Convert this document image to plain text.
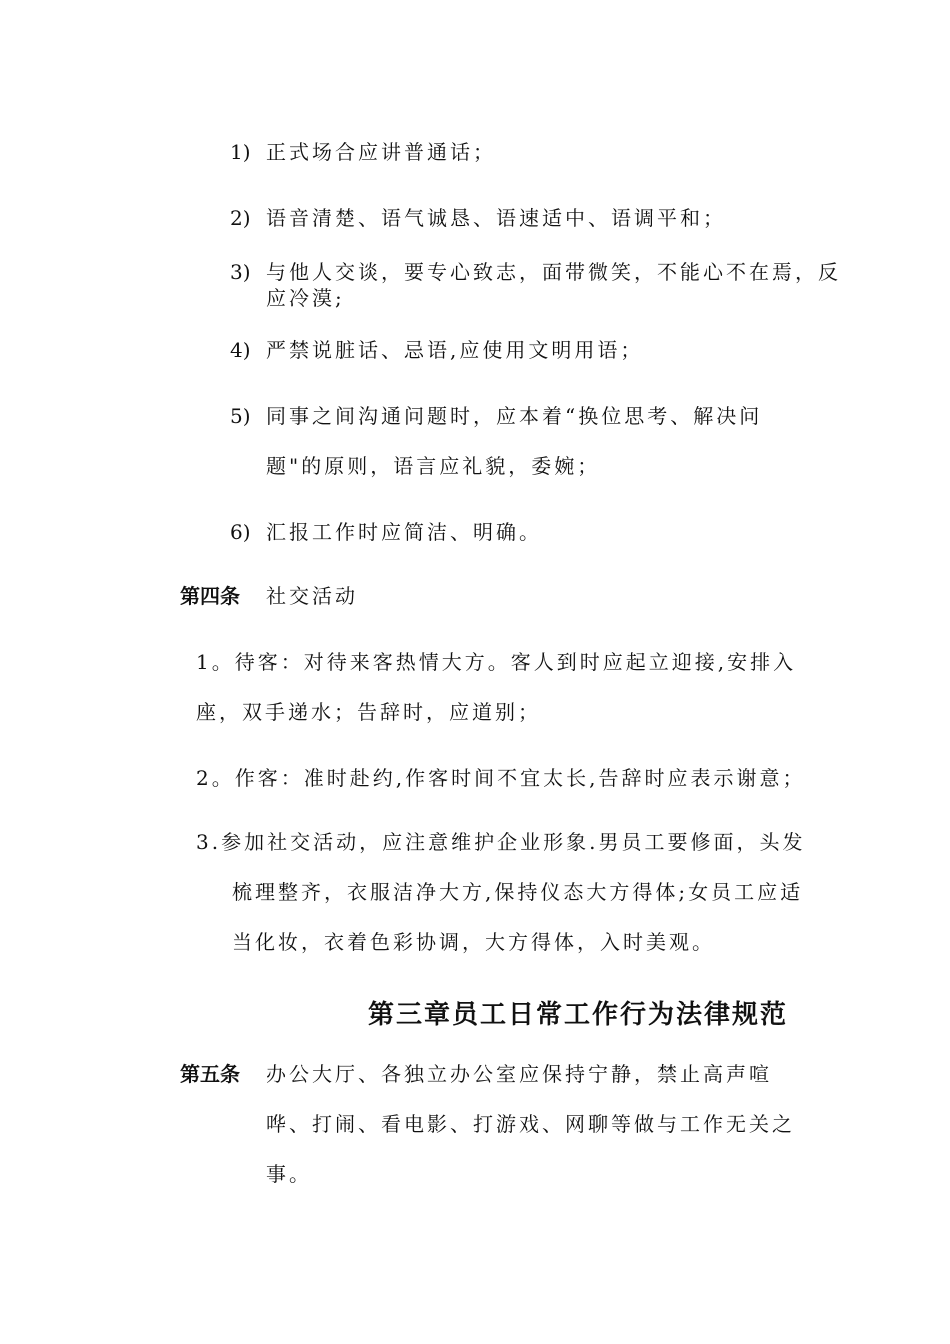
1) 正式场合应讲普通话；
2) 语音清楚、语气诚恳、语速适中、语调平和；
3) 与他人交谈，要专心致志，面带微笑，不能心不在焉，反
应冷漠;
4) 严禁说脏话、忌语,应使用文明用语；
5) 同事之间沟通问题时，应本着“换位思考、解决问
题"的原则，语言应礼貌，委婉；
6) 汇报工作时应简洁、明确。
第四条 社交活动
1。待客：对待来客热情大方。客人到时应起立迎接,安排入
座，双手递水；告辞时，应道别；
2。作客：准时赴约,作客时间不宜太长,告辞时应表示谢意；
3.参加社交活动，应注意维护企业形象.男员工要修面，头发
梳理整齐，衣服洁净大方,保持仪态大方得体;女员工应适
当化妆，衣着色彩协调，大方得体，入时美观。
第三章员工日常工作行为法律规范
第五条 办公大厅、各独立办公室应保持宁静，禁止高声喧
哗、打闹、看电影、打游戏、网聊等做与工作无关之
事。
